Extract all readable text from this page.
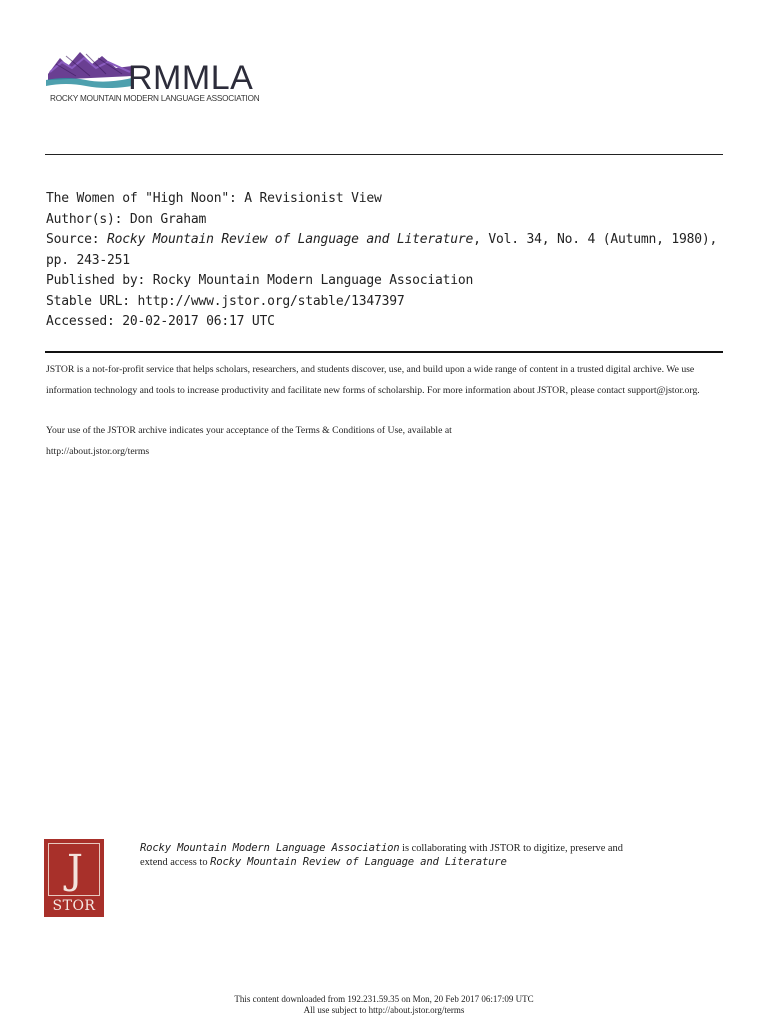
RMMLA
ROCKY MOUNTAIN MODERN LANGUAGE ASSOCIATION
The Women of "High Noon": A Revisionist View
Author(s): Don Graham
Source: Rocky Mountain Review of Language and Literature, Vol. 34, No. 4 (Autumn, 1980),
pp. 243-251
Published by: Rocky Mountain Modern Language Association
Stable URL: http://www.jstor.org/stable/1347397
Accessed: 20-02-2017 06:17 UTC

JSTOR is a not-for-profit service that helps scholars, researchers, and students discover, use, and build upon a wide range of content in a trusted digital archive. We use information technology and tools to increase productivity and facilitate new forms of scholarship. For more information about JSTOR, please contact support@jstor.org.

Your use of the JSTOR archive indicates your acceptance of the Terms & Conditions of Use, available at

http://about.jstor.org/terms

J
STOR
Rocky Mountain Modern Language Association is collaborating with JSTOR to digitize, preserve and
extend access to Rocky Mountain Review of Language and Literature
This content downloaded from 192.231.59.35 on Mon, 20 Feb 2017 06:17:09 UTC
All use subject to http://about.jstor.org/terms
